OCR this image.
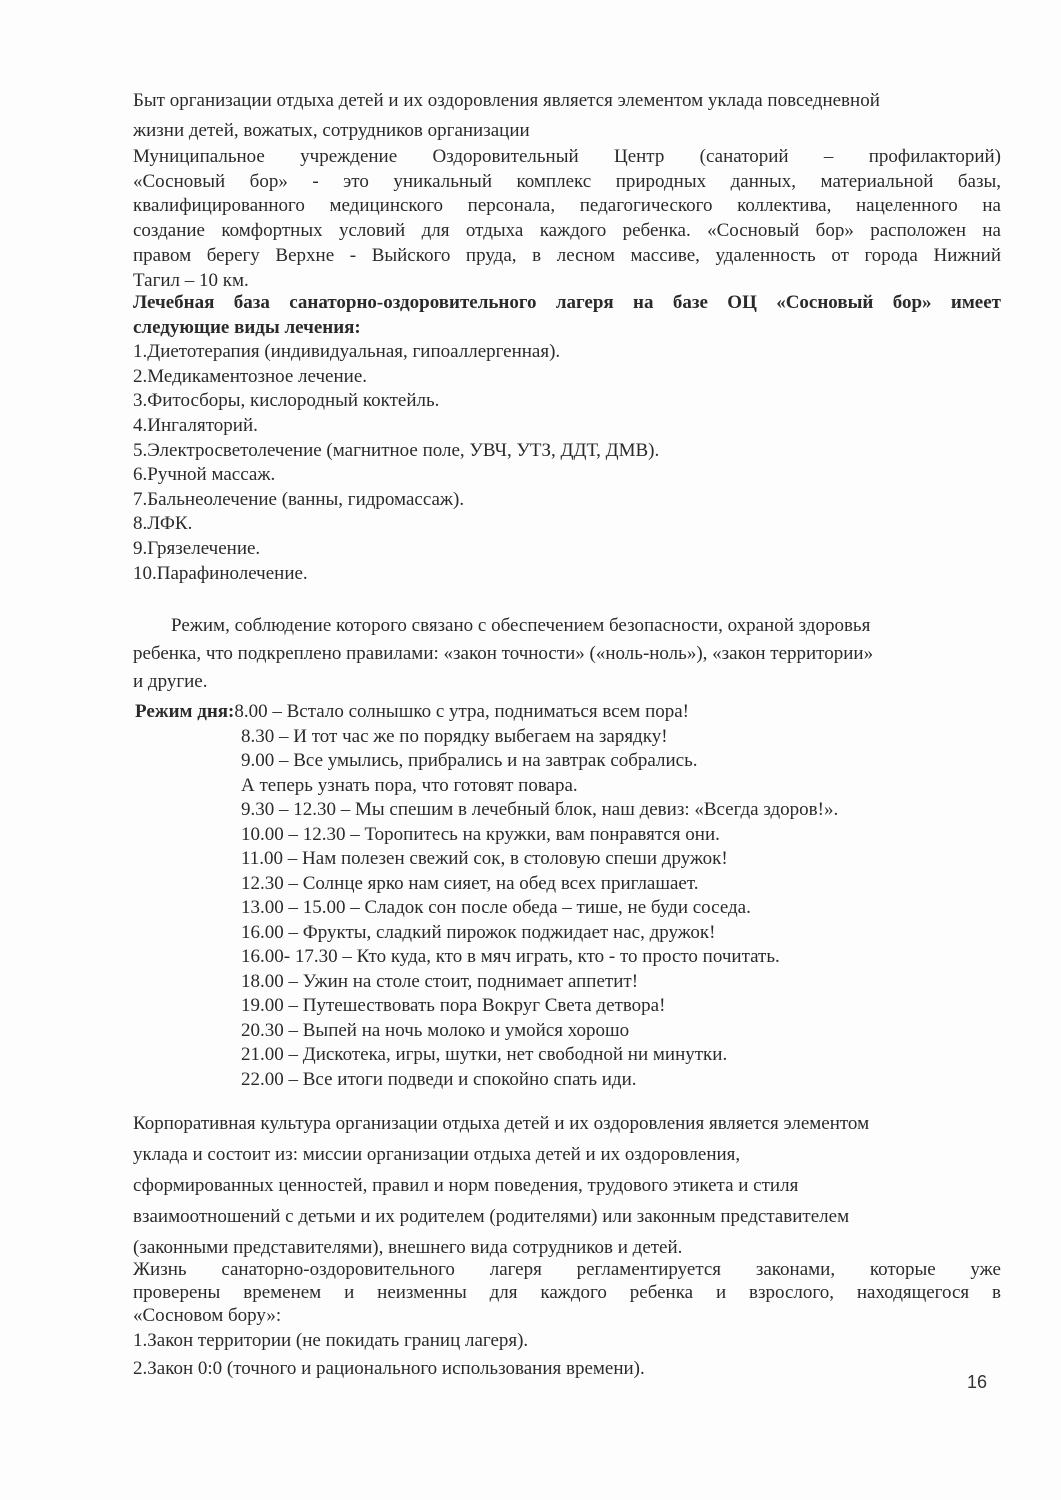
Быт организации отдыха детей и их оздоровления является элементом уклада повседневной
жизни детей, вожатых, сотрудников организации
Муниципальное учреждение Оздоровительный Центр (санаторий – профилакторий)
«Сосновый бор» - это уникальный комплекс природных данных, материальной базы,
квалифицированного медицинского персонала, педагогического коллектива, нацеленного на
создание комфортных условий для отдыха каждого ребенка. «Сосновый бор» расположен на
правом берегу Верхне - Выйского пруда, в лесном массиве, удаленность от города Нижний
Тагил – 10 км.
Лечебная база санаторно-оздоровительного лагеря на базе ОЦ «Сосновый бор» имеет
следующие виды лечения:
1.Диетотерапия (индивидуальная, гипоаллергенная).
2.Медикаментозное лечение.
3.Фитосборы, кислородный коктейль.
4.Ингаляторий.
5.Электросветолечение (магнитное поле, УВЧ, УТЗ, ДДТ, ДМВ).
6.Ручной массаж.
7.Бальнеолечение (ванны, гидромассаж).
8.ЛФК.
9.Грязелечение.
10.Парафинолечение.
Режим, соблюдение которого связано с обеспечением безопасности, охраной здоровья
ребенка, что подкреплено правилами: «закон точности» («ноль-ноль»), «закон территории»
и другие.
Режим дня:8.00 – Встало солнышко с утра, подниматься всем пора!
8.30 – И тот час же по порядку выбегаем на зарядку!
9.00 – Все умылись, прибрались и на завтрак собрались.
А теперь узнать пора, что готовят повара.
9.30 – 12.30 – Мы спешим в лечебный блок, наш девиз: «Всегда здоров!».
10.00 – 12.30 – Торопитесь на кружки, вам понравятся они.
11.00 – Нам полезен свежий сок, в столовую спеши дружок!
12.30 – Солнце ярко нам сияет, на обед всех приглашает.
13.00 – 15.00 – Сладок сон после обеда – тише, не буди соседа.
16.00 – Фрукты, сладкий пирожок поджидает нас, дружок!
16.00- 17.30 – Кто куда, кто в мяч играть, кто - то просто почитать.
18.00 – Ужин на столе стоит, поднимает аппетит!
19.00 – Путешествовать пора Вокруг Света детвора!
20.30 – Выпей на ночь молоко и умойся хорошо
21.00 – Дискотека, игры, шутки, нет свободной ни минутки.
22.00 – Все итоги подведи и спокойно спать иди.
Корпоративная культура организации отдыха детей и их оздоровления является элементом
уклада и состоит из: миссии организации отдыха детей и их оздоровления,
сформированных ценностей, правил и норм поведения, трудового этикета и стиля
взаимоотношений с детьми и их родителем (родителями) или законным представителем
(законными представителями), внешнего вида сотрудников и детей.
Жизнь санаторно-оздоровительного лагеря регламентируется законами, которые уже
проверены временем и неизменны для каждого ребенка и взрослого, находящегося в
«Сосновом бору»:
1.Закон территории (не покидать границ лагеря).
2.Закон 0:0 (точного и рационального использования времени).
16
